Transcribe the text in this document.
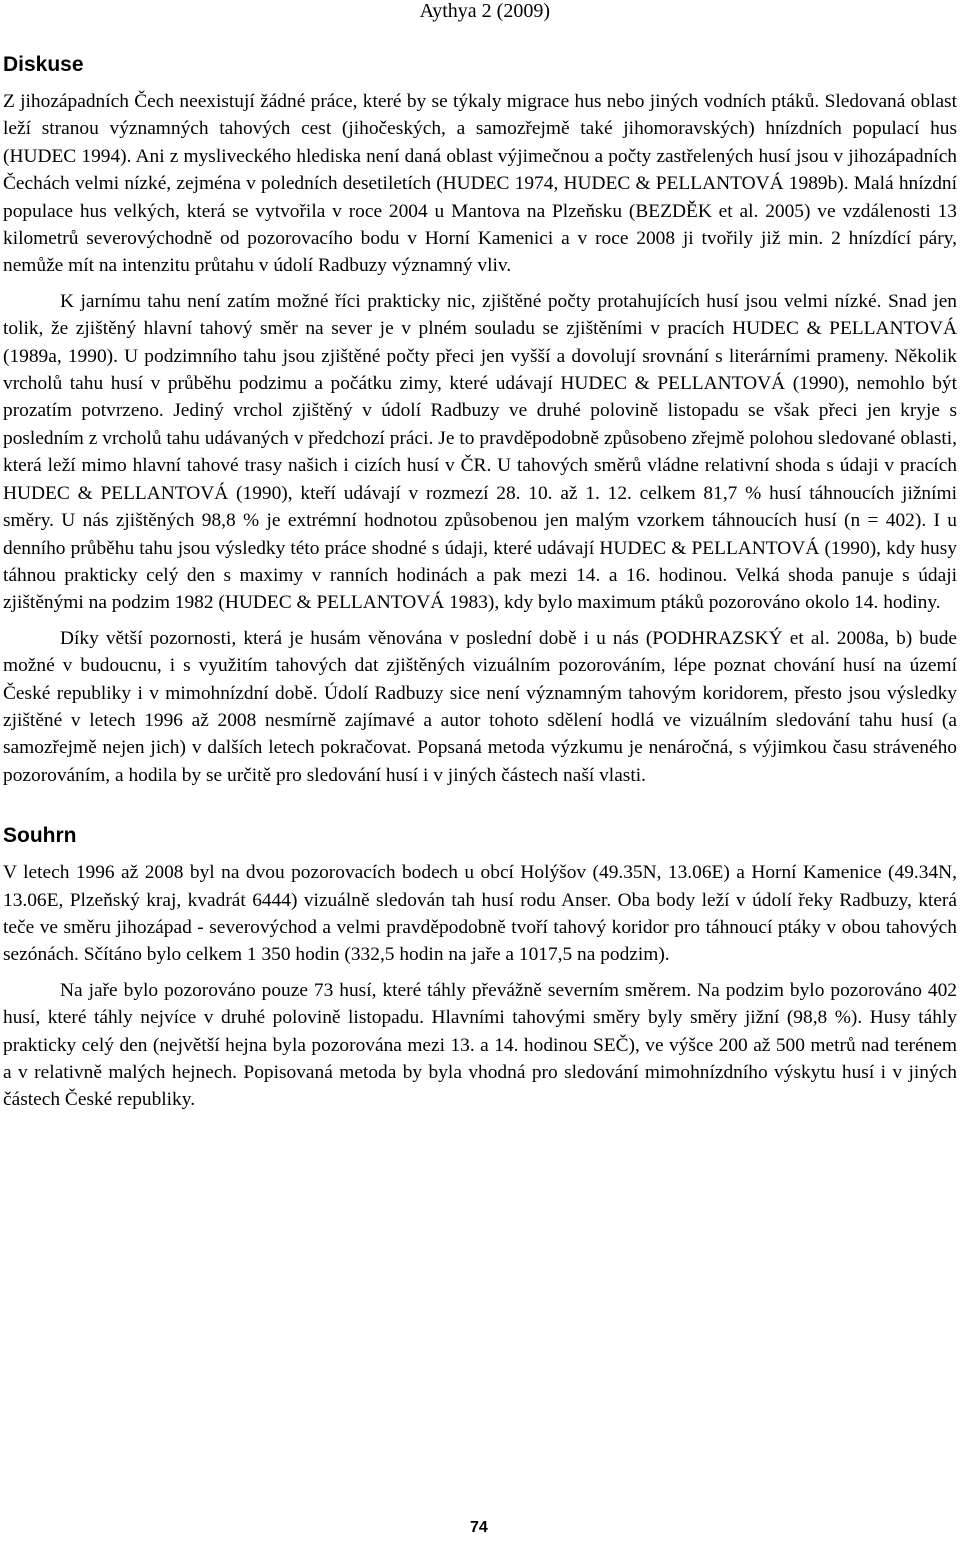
Aythya 2 (2009)
Diskuse

Z jihozápadních Čech neexistují žádné práce, které by se týkaly migrace hus nebo jiných vodních ptáků. Sledovaná oblast leží stranou významných tahových cest (jihočeských, a samozřejmě také jihomoravských) hnízdních populací hus (HUDEC 1994). Ani z mysliveckého hlediska není daná oblast výjimečnou a počty zastřelených husí jsou v jihozápadních Čechách velmi nízké, zejména v poledních desetiletích (HUDEC 1974, HUDEC & PELLANTOVÁ 1989b). Malá hnízdní populace hus velkých, která se vytvořila v roce 2004 u Mantova na Plzeňsku (BEZDĚK et al. 2005) ve vzdálenosti 13 kilometrů severovýchodně od pozorovacího bodu v Horní Kamenici a v roce 2008 ji tvořily již min. 2 hnízdící páry, nemůže mít na intenzitu průtahu v údolí Radbuzy významný vliv.

K jarnímu tahu není zatím možné říci prakticky nic, zjištěné počty protahujících husí jsou velmi nízké. Snad jen tolik, že zjištěný hlavní tahový směr na sever je v plném souladu se zjištěními v pracích HUDEC & PELLANTOVÁ (1989a, 1990). U podzimního tahu jsou zjištěné počty přeci jen vyšší a dovolují srovnání s literárními prameny. Několik vrcholů tahu husí v průběhu podzimu a počátku zimy, které udávají HUDEC & PELLANTOVÁ (1990), nemohlo být prozatím potvrzeno. Jediný vrchol zjištěný v údolí Radbuzy ve druhé polovině listopadu se však přeci jen kryje s posledním z vrcholů tahu udávaných v předchozí práci. Je to pravděpodobně způsobeno zřejmě polohou sledované oblasti, která leží mimo hlavní tahové trasy našich i cizích husí v ČR. U tahových směrů vládne relativní shoda s údaji v pracích HUDEC & PELLANTOVÁ (1990), kteří udávají v rozmezí 28. 10. až 1. 12. celkem 81,7 % husí táhnoucích jižními směry. U nás zjištěných 98,8 % je extrémní hodnotou způsobenou jen malým vzorkem táhnoucích husí (n = 402). I u denního průběhu tahu jsou výsledky této práce shodné s údaji, které udávají HUDEC & PELLANTOVÁ (1990), kdy husy táhnou prakticky celý den s maximy v ranních hodinách a pak mezi 14. a 16. hodinou. Velká shoda panuje s údaji zjištěnými na podzim 1982 (HUDEC & PELLANTOVÁ 1983), kdy bylo maximum ptáků pozorováno okolo 14. hodiny.

Díky větší pozornosti, která je husám věnována v poslední době i u nás (PODHRAZSKÝ et al. 2008a, b) bude možné v budoucnu, i s využitím tahových dat zjištěných vizuálním pozorováním, lépe poznat chování husí na území České republiky i v mimohnízdní době. Údolí Radbuzy sice není významným tahovým koridorem, přesto jsou výsledky zjištěné v letech 1996 až 2008 nesmírně zajímavé a autor tohoto sdělení hodlá ve vizuálním sledování tahu husí (a samozřejmě nejen jich) v dalších letech pokračovat. Popsaná metoda výzkumu je nenáročná, s výjimkou času stráveného pozorováním, a hodila by se určitě pro sledování husí i v jiných částech naší vlasti.

Souhrn

V letech 1996 až 2008 byl na dvou pozorovacích bodech u obcí Holýšov (49.35N, 13.06E) a Horní Kamenice (49.34N, 13.06E, Plzeňský kraj, kvadrát 6444) vizuálně sledován tah husí rodu Anser. Oba body leží v údolí řeky Radbuzy, která teče ve směru jihozápad - severovýchod a velmi pravděpodobně tvoří tahový koridor pro táhnoucí ptáky v obou tahových sezónách. Sčítáno bylo celkem 1 350 hodin (332,5 hodin na jaře a 1017,5 na podzim).

Na jaře bylo pozorováno pouze 73 husí, které táhly převážně severním směrem. Na podzim bylo pozorováno 402 husí, které táhly nejvíce v druhé polovině listopadu. Hlavními tahovými směry byly směry jižní (98,8 %). Husy táhly prakticky celý den (největší hejna byla pozorována mezi 13. a 14. hodinou SEČ), ve výšce 200 až 500 metrů nad terénem a v relativně malých hejnech. Popisovaná metoda by byla vhodná pro sledování mimohnízdního výskytu husí i v jiných částech České republiky.

74
